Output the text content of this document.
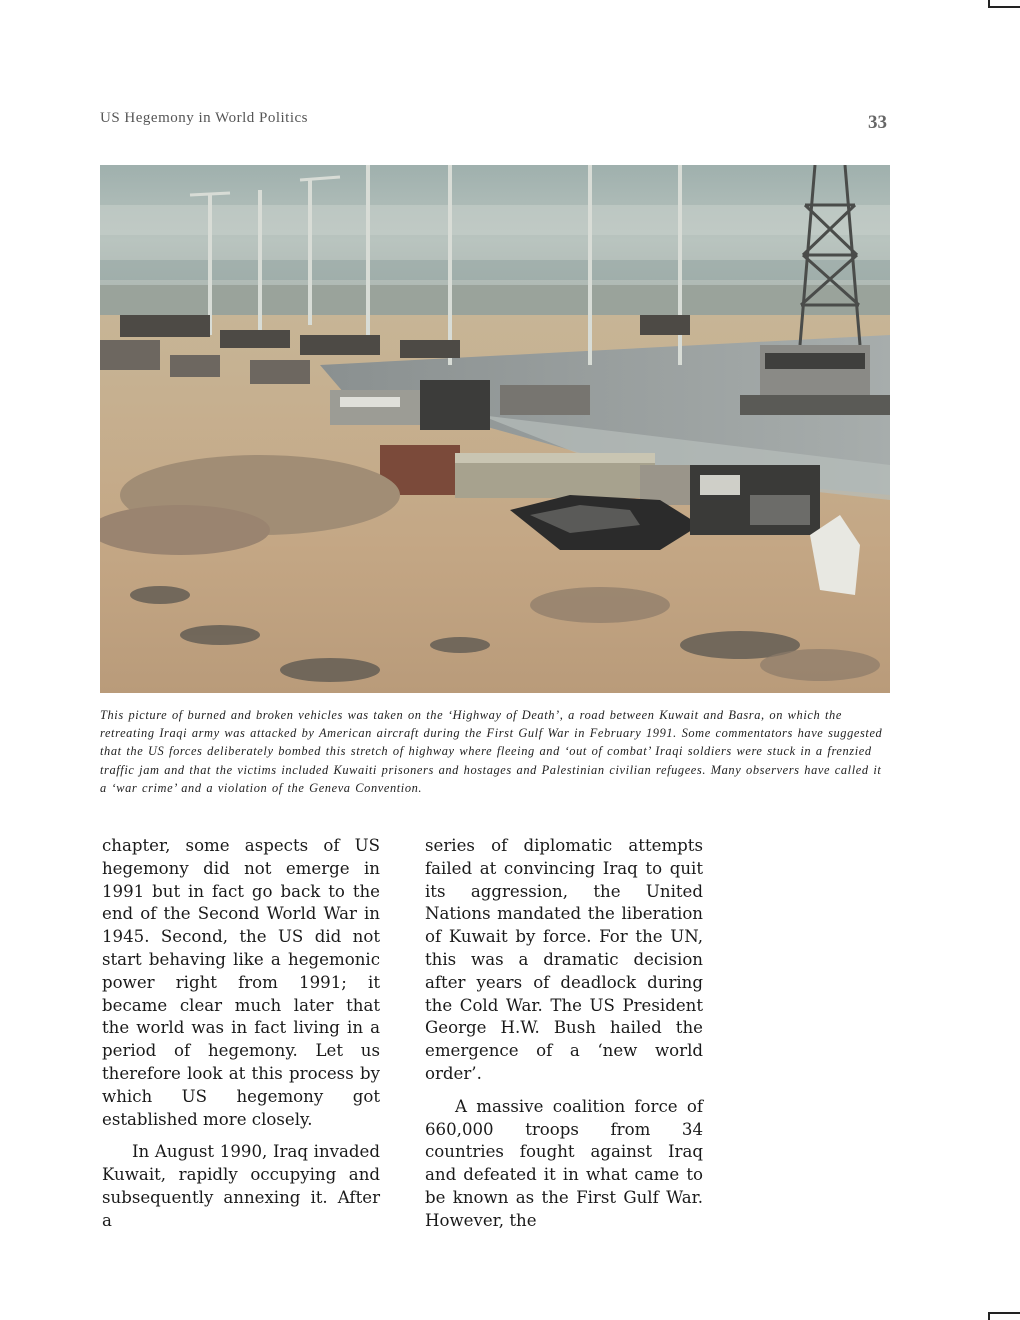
US Hegemony in World Politics	33

This picture of burned and broken vehicles was taken on the ‘Highway of Death’, a road between Kuwait and Basra, on which the retreating Iraqi army was attacked by American aircraft during the First Gulf War in February 1991. Some commentators have suggested that the US forces deliberately bombed this stretch of highway where fleeing and ‘out of combat’ Iraqi soldiers were stuck in a frenzied traffic jam and that the victims included Kuwaiti prisoners and hostages and Palestinian civilian refugees. Many observers have called it a ‘war crime’ and a violation of the Geneva Convention.

chapter, some aspects of US hegemony did not emerge in 1991 but in fact go back to the end of the Second World War in 1945. Second, the US did not start behaving like a hegemonic power right from 1991; it became clear much later that the world was in fact living in a period of hegemony. Let us therefore look at this process by which US hegemony got established more closely.

In August 1990, Iraq invaded Kuwait, rapidly occupying and subsequently annexing it. After a

series of diplomatic attempts failed at convincing Iraq to quit its aggression, the United Nations mandated the liberation of Kuwait by force. For the UN, this was a dramatic decision after years of deadlock during the Cold War. The US President George H.W. Bush hailed the emergence of a ‘new world order’.

A massive coalition force of 660,000 troops from 34 countries fought against Iraq and defeated it in what came to be known as the First Gulf War. However, the
